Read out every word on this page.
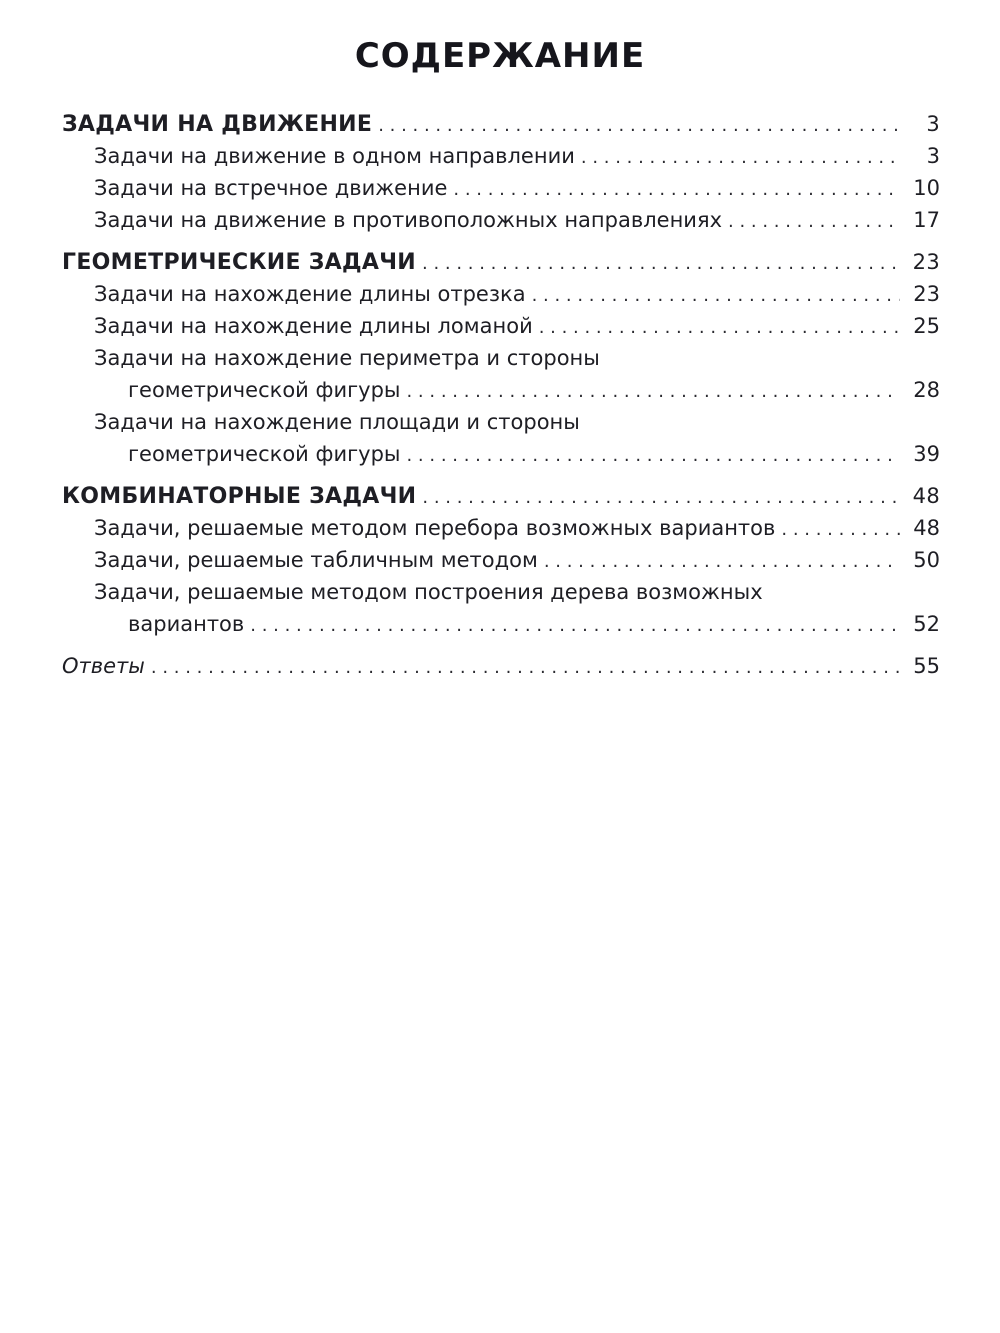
СОДЕРЖАНИЕ
ЗАДАЧИ НА ДВИЖЕНИЕ . . .	3
Задачи на движение в одном направлении . . .	3
Задачи на встречное движение . . .	10
Задачи на движение в противоположных направлениях . . .	17
ГЕОМЕТРИЧЕСКИЕ ЗАДАЧИ . . .	23
Задачи на нахождение длины отрезка . . .	23
Задачи на нахождение длины ломаной . . .	25
Задачи на нахождение периметра и стороны
геометрической фигуры . . .	28
Задачи на нахождение площади и стороны
геометрической фигуры . . .	39
КОМБИНАТОРНЫЕ ЗАДАЧИ . . .	48
Задачи, решаемые методом перебора возможных вариантов . . .	48
Задачи, решаемые табличным методом . . .	50
Задачи, решаемые методом построения дерева возможных
вариантов . . .	52
Ответы . . .	55
